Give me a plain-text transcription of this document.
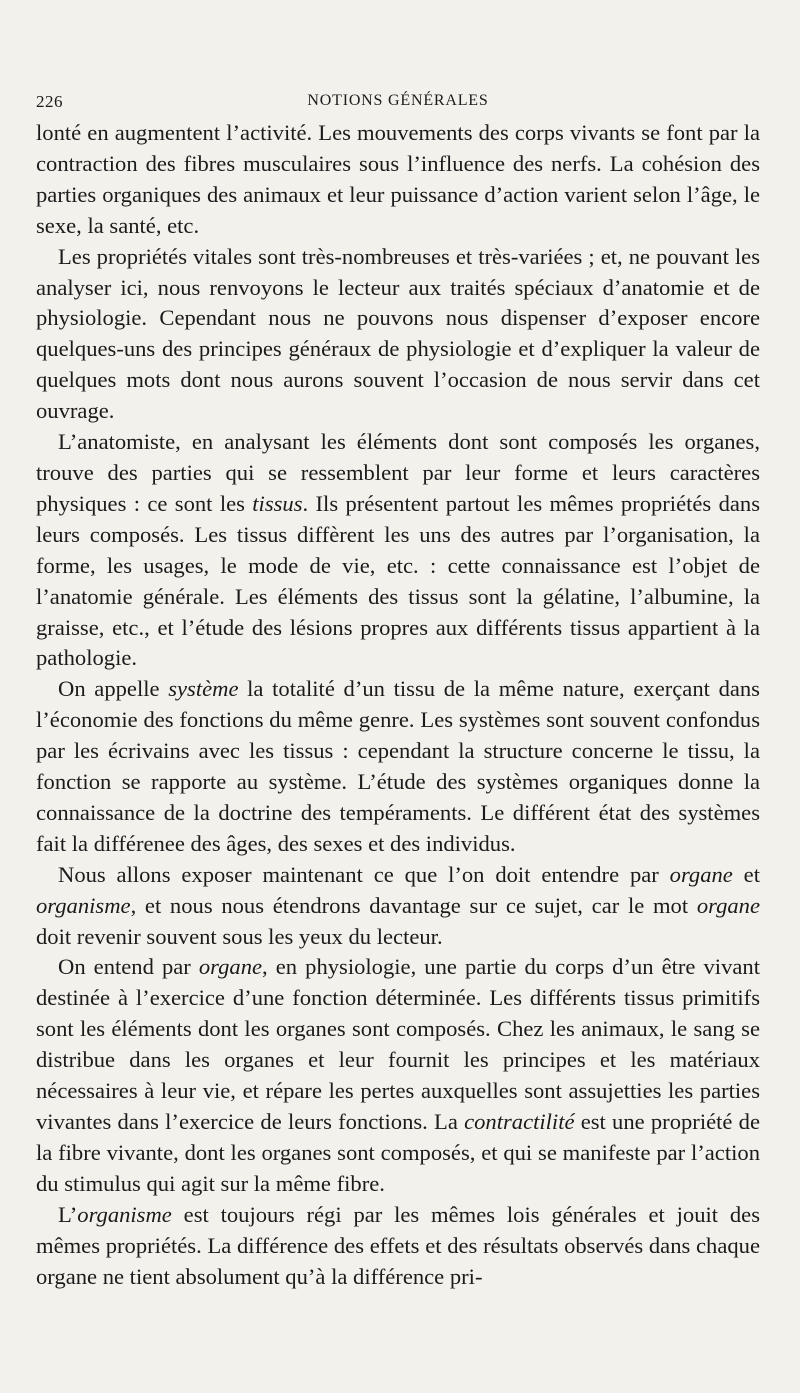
226	NOTIONS GÉNÉRALES

lonté en augmentent l’activité. Les mouvements des corps vivants se font par la contraction des fibres musculaires sous l’influence des nerfs. La cohésion des parties organiques des animaux et leur puissance d’action varient selon l’âge, le sexe, la santé, etc.

Les propriétés vitales sont très-nombreuses et très-variées ; et, ne pouvant les analyser ici, nous renvoyons le lecteur aux traités spéciaux d’anatomie et de physiologie. Cependant nous ne pouvons nous dispenser d’exposer encore quelques-uns des principes généraux de physiologie et d’expliquer la valeur de quelques mots dont nous aurons souvent l’occasion de nous servir dans cet ouvrage.

L’anatomiste, en analysant les éléments dont sont composés les organes, trouve des parties qui se ressemblent par leur forme et leurs caractères physiques : ce sont les tissus. Ils présentent partout les mêmes propriétés dans leurs composés. Les tissus diffèrent les uns des autres par l’organisation, la forme, les usages, le mode de vie, etc. : cette connaissance est l’objet de l’anatomie générale. Les éléments des tissus sont la gélatine, l’albumine, la graisse, etc., et l’étude des lésions propres aux différents tissus appartient à la pathologie.

On appelle système la totalité d’un tissu de la même nature, exerçant dans l’économie des fonctions du même genre. Les systèmes sont souvent confondus par les écrivains avec les tissus : cependant la structure concerne le tissu, la fonction se rapporte au système. L’étude des systèmes organiques donne la connaissance de la doctrine des tempéraments. Le différent état des systèmes fait la différenee des âges, des sexes et des individus.

Nous allons exposer maintenant ce que l’on doit entendre par organe et organisme, et nous nous étendrons davantage sur ce sujet, car le mot organe doit revenir souvent sous les yeux du lecteur.

On entend par organe, en physiologie, une partie du corps d’un être vivant destinée à l’exercice d’une fonction déterminée. Les différents tissus primitifs sont les éléments dont les organes sont composés. Chez les animaux, le sang se distribue dans les organes et leur fournit les principes et les matériaux nécessaires à leur vie, et répare les pertes auxquelles sont assujetties les parties vivantes dans l’exercice de leurs fonctions. La contractilité est une propriété de la fibre vivante, dont les organes sont composés, et qui se manifeste par l’action du stimulus qui agit sur la même fibre.

L’organisme est toujours régi par les mêmes lois générales et jouit des mêmes propriétés. La différence des effets et des résultats observés dans chaque organe ne tient absolument qu’à la différence pri-
